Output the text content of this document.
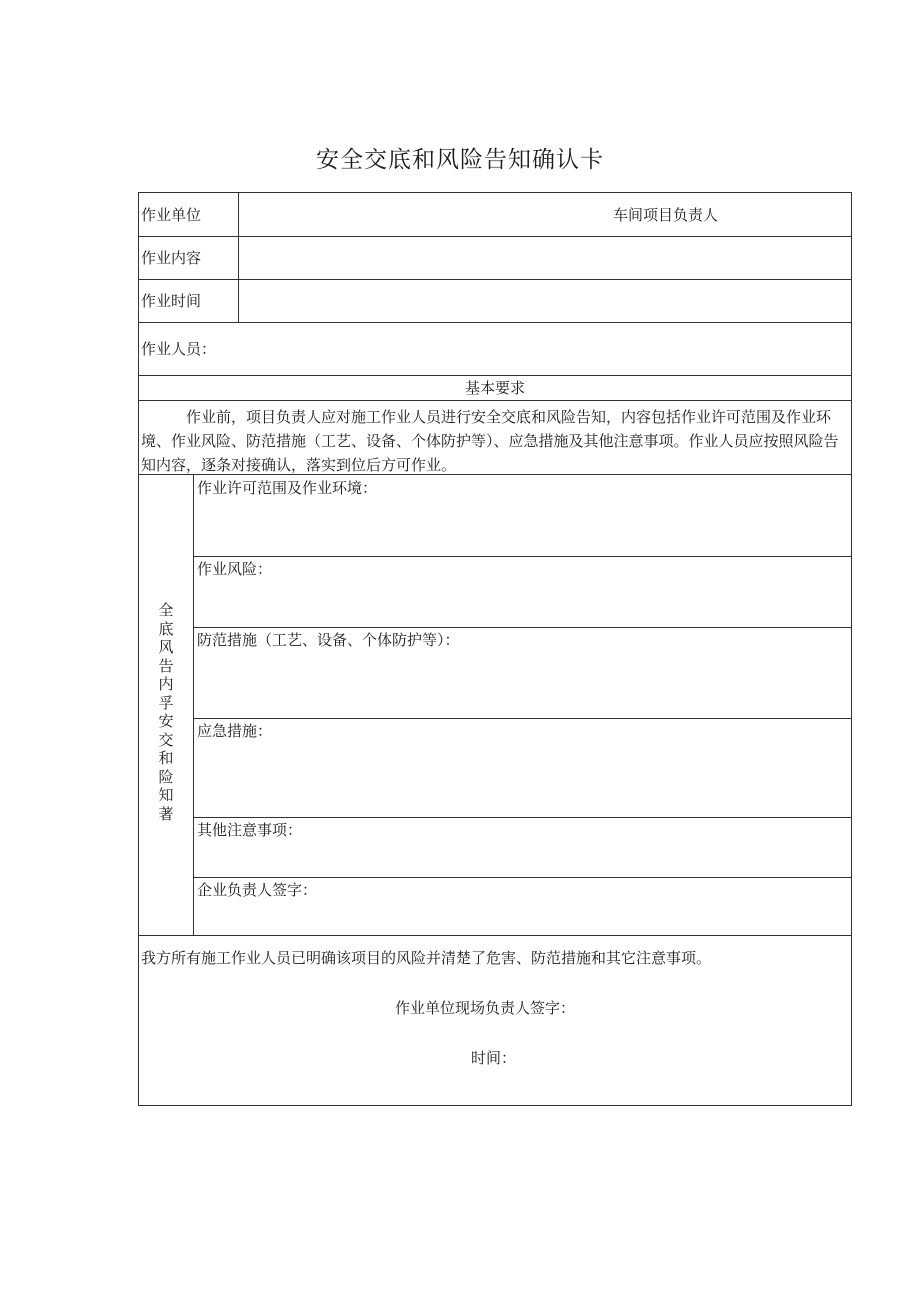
安全交底和风险告知确认卡
作业单位	车间项目负责人
作业内容
作业时间
作业人员：
基本要求
作业前，项目负责人应对施工作业人员进行安全交底和风险告知，内容包括作业许可范围及作业环境、作业风险、防范措施（工艺、设备、个体防护等）、应急措施及其他注意事项。作业人员应按照风险告知内容，逐条对接确认，落实到位后方可作业。
全底风告内孚安交和险知著
作业许可范围及作业环境：
作业风险：
防范措施（工艺、设备、个体防护等）：
应急措施：
其他注意事项：
企业负责人签字：
我方所有施工作业人员已明确该项目的风险并清楚了危害、防范措施和其它注意事项。
作业单位现场负责人签字：
时间：
